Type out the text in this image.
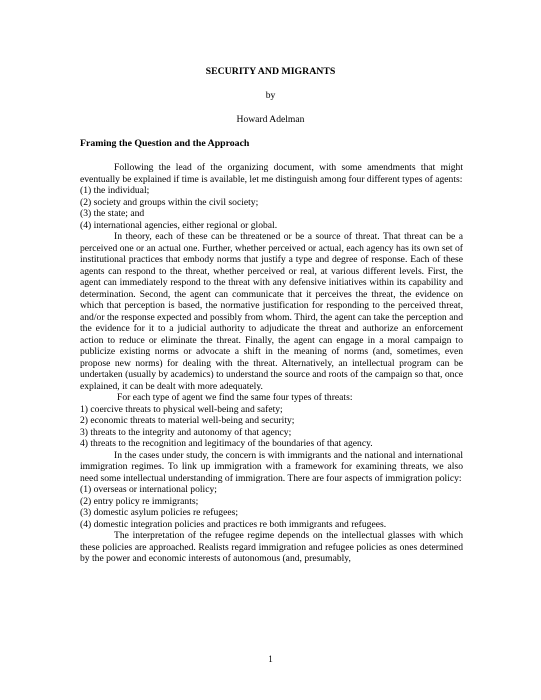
SECURITY AND MIGRANTS
by
Howard Adelman
Framing the Question and the Approach

Following the lead of the organizing document, with some amendments that might eventually be explained if time is available, let me distinguish among four different types of agents:

(1) the individual;
(2) society and groups within the civil society;
(3) the state; and
(4) international agencies, either regional or global.

In theory, each of these can be threatened or be a source of threat. That threat can be a perceived one or an actual one. Further, whether perceived or actual, each agency has its own set of institutional practices that embody norms that justify a type and degree of response. Each of these agents can respond to the threat, whether perceived or real, at various different levels. First, the agent can immediately respond to the threat with any defensive initiatives within its capability and determination. Second, the agent can communicate that it perceives the threat, the evidence on which that perception is based, the normative justification for responding to the perceived threat, and/or the response expected and possibly from whom. Third, the agent can take the perception and the evidence for it to a judicial authority to adjudicate the threat and authorize an enforcement action to reduce or eliminate the threat. Finally, the agent can engage in a moral campaign to publicize existing norms or advocate a shift in the meaning of norms (and, sometimes, even propose new norms) for dealing with the threat. Alternatively, an intellectual program can be undertaken (usually by academics) to understand the source and roots of the campaign so that, once explained, it can be dealt with more adequately.

For each type of agent we find the same four types of threats:

1) coercive threats to physical well-being and safety;
2) economic threats to material well-being and security;
3) threats to the integrity and autonomy of that agency;
4) threats to the recognition and legitimacy of the boundaries of that agency.

In the cases under study, the concern is with immigrants and the national and international immigration regimes. To link up immigration with a framework for examining threats, we also need some intellectual understanding of immigration. There are four aspects of immigration policy:

(1) overseas or international policy;
(2) entry policy re immigrants;
(3) domestic asylum policies re refugees;
(4) domestic integration policies and practices re both immigrants and refugees.

The interpretation of the refugee regime depends on the intellectual glasses with which these policies are approached. Realists regard immigration and refugee policies as ones determined by the power and economic interests of autonomous (and, presumably,

1
